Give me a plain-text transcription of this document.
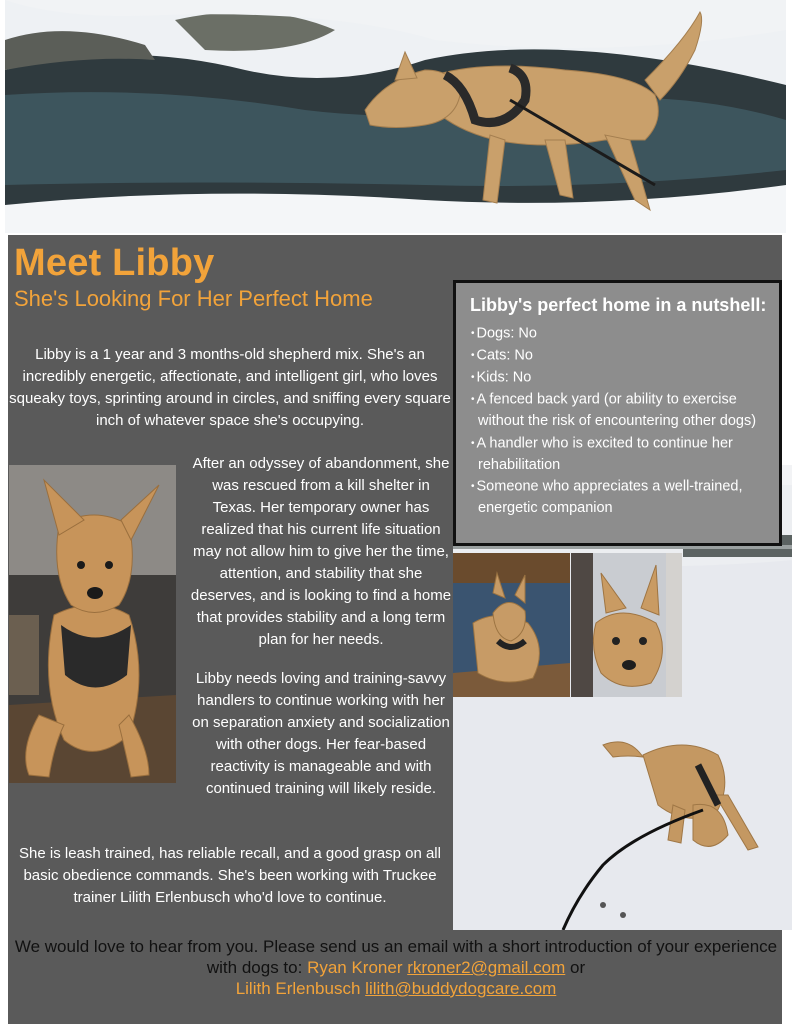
Meet Libby
She's Looking For Her Perfect Home

Libby is a 1 year and 3 months-old shepherd mix. She's an incredibly energetic, affectionate, and intelligent girl, who loves squeaky toys, sprinting around in circles, and sniffing every square inch of whatever space she's occupying.

After an odyssey of abandonment, she was rescued from a kill shelter in Texas. Her temporary owner has realized that his current life situation may not allow him to give her the time, attention, and stability that she deserves, and is looking to find a home that provides stability and a long term plan for her needs.

Libby needs loving and training-savvy handlers to continue working with her on separation anxiety and socialization with other dogs. Her fear-based reactivity is manageable and with continued training will likely reside.

She is leash trained, has reliable recall, and a good grasp on all basic obedience commands. She's been working with Truckee trainer Lilith Erlenbusch who'd love to continue.

Libby's perfect home in a nutshell:

• Dogs: No
• Cats: No
• Kids: No
• A fenced back yard (or ability to exercise without the risk of encountering other dogs)
• A handler who is excited to continue her rehabilitation
• Someone who appreciates a well-trained, energetic companion

We would love to hear from you. Please send us an email with a short introduction of your experience with dogs to: Ryan Kroner rkroner2@gmail.com or
Lilith Erlenbusch lilith@buddydogcare.com
